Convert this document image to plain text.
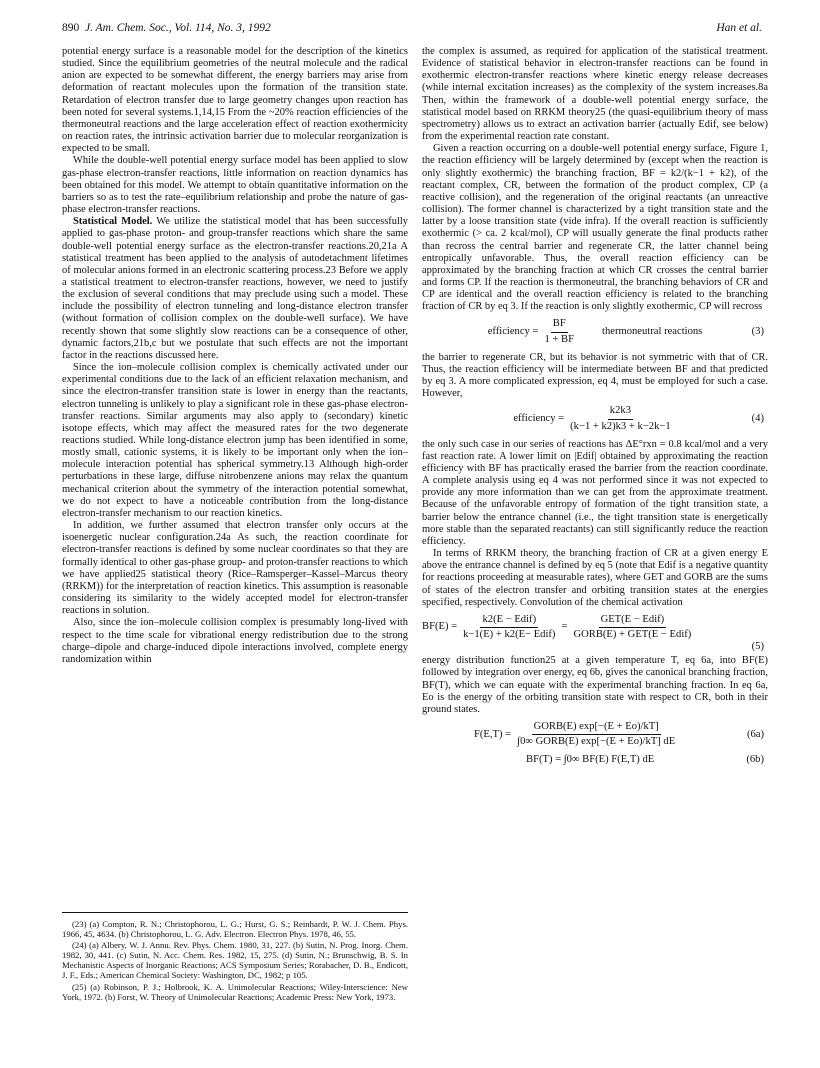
890 J. Am. Chem. Soc., Vol. 114, No. 3, 1992	Han et al.

potential energy surface is a reasonable model for the description of the kinetics studied. Since the equilibrium geometries of the neutral molecule and the radical anion are expected to be somewhat different, the energy barriers may arise from deformation of reactant molecules upon the formation of the transition state. Retardation of electron transfer due to large geometry changes upon reaction has been noted for several systems.1,14,15 From the ~20% reaction efficiencies of the thermoneutral reactions and the large acceleration effect of reaction exothermicity on reaction rates, the intrinsic activation barrier due to molecular reorganization is expected to be small.

While the double-well potential energy surface model has been applied to slow gas-phase electron-transfer reactions, little information on reaction dynamics has been obtained for this model. We attempt to obtain quantitative information on the barriers so as to test the rate–equilibrium relationship and probe the nature of gas-phase electron-transfer reactions.

Statistical Model. We utilize the statistical model that has been successfully applied to gas-phase proton- and group-transfer reactions which share the same double-well potential energy surface as the electron-transfer reactions.20,21a A statistical treatment has been applied to the analysis of autodetachment lifetimes of molecular anions formed in an electronic scattering process.23 Before we apply a statistical treatment to electron-transfer reactions, however, we need to justify the exclusion of several conditions that may preclude using such a model. These include the possibility of electron tunneling and long-distance electron transfer (without formation of collision complex on the double-well surface). We have recently shown that some slightly slow reactions can be a consequence of other, dynamic factors,21b,c but we postulate that such effects are not the important factor in the reactions discussed here.

Since the ion–molecule collision complex is chemically activated under our experimental conditions due to the lack of an efficient relaxation mechanism, and since the electron-transfer transition state is lower in energy than the reactants, electron tunneling is unlikely to play a significant role in these gas-phase electron-transfer reactions. Similar arguments may also apply to (secondary) kinetic isotope effects, which may affect the measured rates for the two degenerate reactions studied. While long-distance electron jump has been identified in some, mostly small, cationic systems, it is likely to be important only when the ion–molecule interaction potential has spherical symmetry.13 Although high-order perturbations in these large, diffuse nitrobenzene anions may relax the quantum mechanical criterion about the symmetry of the interaction potential somewhat, we do not expect to have a noticeable contribution from the long-distance electron-transfer mechanism to our reaction kinetics.

In addition, we further assumed that electron transfer only occurs at the isoenergetic nuclear configuration.24a As such, the reaction coordinate for electron-transfer reactions is defined by some nuclear coordinates so that they are formally identical to other gas-phase group- and proton-transfer reactions to which we have applied25 statistical theory (Rice–Ramsperger–Kassel–Marcus theory (RRKM)) for the interpretation of reaction kinetics. This assumption is reasonable considering its similarity to the widely accepted model for electron-transfer reactions in solution.

Also, since the ion–molecule collision complex is presumably long-lived with respect to the time scale for vibrational energy redistribution due to the strong charge–dipole and charge-induced dipole interactions involved, complete energy randomization within

(23) (a) Compton, R. N.; Christophorou, L. G.; Hurst, G. S.; Reinhardt, P. W. J. Chem. Phys. 1966, 45, 4634. (b) Christophorou, L. G. Adv. Electron. Electron Phys. 1978, 46, 55.
(24) (a) Albery, W. J. Annu. Rev. Phys. Chem. 1980, 31, 227. (b) Sutin, N. Prog. Inorg. Chem. 1982, 30, 441. (c) Sutin, N. Acc. Chem. Res. 1982, 15, 275. (d) Sutin, N.; Brunschwig, B. S. In Mechanistic Aspects of Inorganic Reactions; ACS Symposium Series; Rorabacher, D. B., Endicott, J. F., Eds.; American Chemical Society: Washington, DC, 1982; p 105.
(25) (a) Robinson, P. J.; Holbrook, K. A. Unimolecular Reactions; Wiley-Interscience: New York, 1972. (b) Forst, W. Theory of Unimolecular Reactions; Academic Press: New York, 1973.

the complex is assumed, as required for application of the statistical treatment. Evidence of statistical behavior in electron-transfer reactions can be found in exothermic electron-transfer reactions where kinetic energy release decreases (while internal excitation increases) as the complexity of the system increases.8a Then, within the framework of a double-well potential energy surface, the statistical model based on RRKM theory25 (the quasi-equilibrium theory of mass spectrometry) allows us to extract an activation barrier (actually Edif, see below) from the experimental reaction rate constant.

Given a reaction occurring on a double-well potential energy surface, Figure 1, the reaction efficiency will be largely determined by (except when the reaction is only slightly exothermic) the branching fraction, BF = k2/(k−1 + k2), of the reactant complex, CR, between the formation of the product complex, CP (a reactive collision), and the regeneration of the original reactants (an unreactive collision). The former channel is characterized by a tight transition state and the latter by a loose transition state (vide infra). If the overall reaction is sufficiently exothermic (> ca. 2 kcal/mol), CP will usually generate the final products rather than recross the central barrier and regenerate CR, the latter channel being entropically unfavorable. Thus, the overall reaction efficiency can be approximated by the branching fraction at which CR crosses the central barrier and forms CP. If the reaction is thermoneutral, the branching behaviors of CR and CP are identical and the overall reaction efficiency is related to the branching fraction of CR by eq 3. If the reaction is only slightly exothermic, CP will recross

efficiency = $\frac{BF}{1 + BF}$ thermoneutral reactions	(3)

the barrier to regenerate CR, but its behavior is not symmetric with that of CR. Thus, the reaction efficiency will be intermediate between BF and that predicted by eq 3. A more complicated expression, eq 4, must be employed for such a case. However,

efficiency = $\frac{k2k3}{(k-1 + k2)k3 + k-2k-1}$	(4)

the only such case in our series of reactions has ΔE°rxn = 0.8 kcal/mol and a very fast reaction rate. A lower limit on |Edif| obtained by approximating the reaction efficiency with BF has practically erased the barrier from the reaction coordinate. A complete analysis using eq 4 was not performed since it was not expected to provide any more information than we can get from the approximate treatment. Because of the unfavorable entropy of formation of the tight transition state, a barrier below the entrance channel (i.e., the tight transition state is energetically more stable than the separated reactants) can still significantly reduce the reaction efficiency.

In terms of RRKM theory, the branching fraction of CR at a given energy E above the entrance channel is defined by eq 5 (note that Edif is a negative quantity for reactions proceeding at measurable rates), where GET and GORB are the sums of states of the electron transfer and orbiting transition states at the energies specified, respectively. Convolution of the chemical activation

$BF(E) = \frac{\text{k2(E − Edif)}}{\text{k−1(E) + k2(E− Edif)}} = \frac{\text{GET(E − Edif)}}{\text{GORB(E) + GET(E − Edif)}}$
(5)

energy distribution function25 at a given temperature T, eq 6a, into BF(E) followed by integration over energy, eq 6b, gives the canonical branching fraction, BF(T), which we can equate with the experimental branching fraction. In eq 6a, Eo is the energy of the orbiting transition state with respect to CR, both in their ground states.

$F(E,T) = \frac{\text{GORB(E) exp[−(E + Eo)/kT]}}{\text{∫0∞ GORB(E) exp[−(E + Eo)/kT] dE}}$	(6a)
BF(T) = ∫0∞ BF(E) F(E,T) dE	(6b)
